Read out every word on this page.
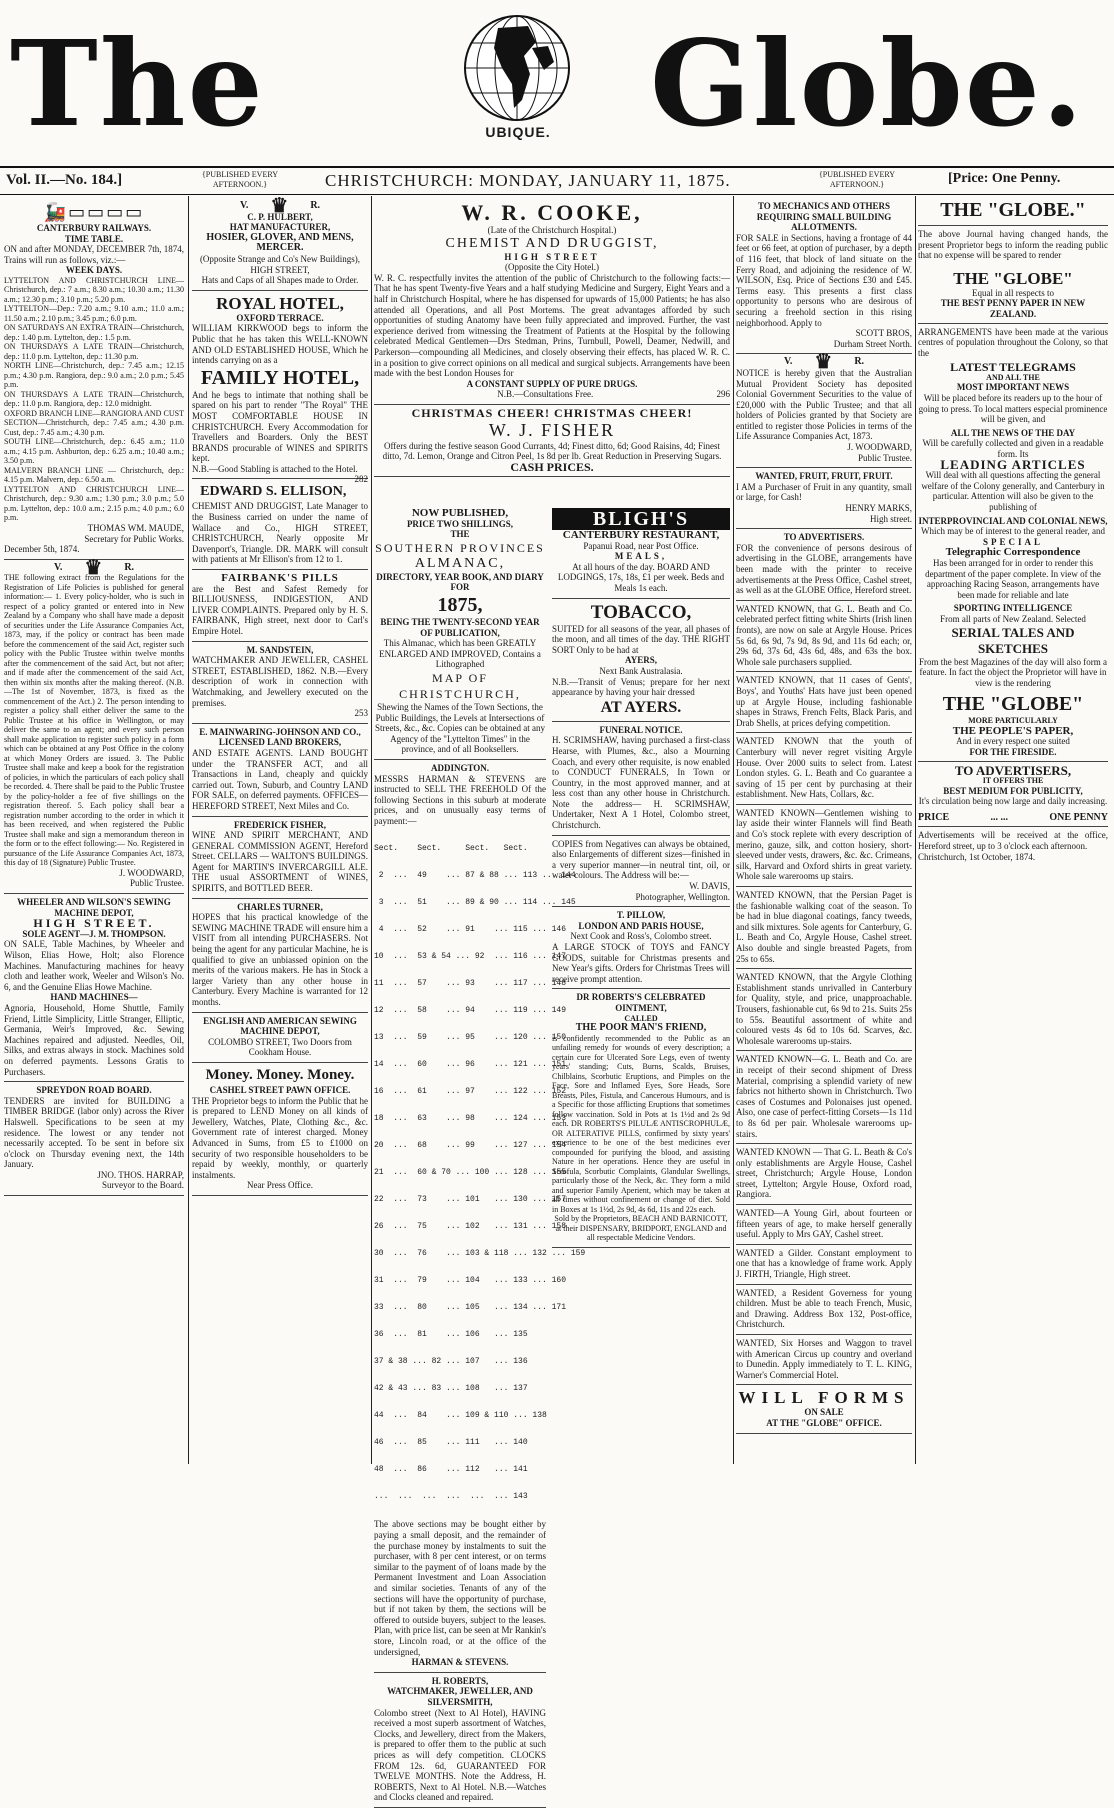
The	UBIQUE. Globe.
Vol. II.—No. 184.]	{PUBLISHED EVERY AFTERNOON.}	CHRISTCHURCH: MONDAY, JANUARY 11, 1875.	{PUBLISHED EVERY AFTERNOON.}	[Price: One Penny.
🚂▭▭▭▭
CANTERBURY RAILWAYS.
TIME TABLE.
ON and after MONDAY, DECEMBER 7th, 1874, Trains will run as follows, viz.:—
WEEK DAYS.
LYTTELTON AND CHRISTCHURCH LINE—Christchurch, dep.: 7 a.m.; 8.30 a.m.; 10.30 a.m.; 11.30 a.m.; 12.30 p.m.; 3.10 p.m.; 5.20 p.m.
LYTTELTON—Dep.: 7.20 a.m.; 9.10 a.m.; 11.0 a.m.; 11.50 a.m.; 2.10 p.m.; 3.45 p.m.; 6.0 p.m.
ON SATURDAYS AN EXTRA TRAIN—Christchurch, dep.: 1.40 p.m. Lyttelton, dep.: 1.5 p.m.
ON THURSDAYS A LATE TRAIN—Christchurch, dep.: 11.0 p.m. Lyttelton, dep.: 11.30 p.m.
NORTH LINE—Christchurch, dep.: 7.45 a.m.; 12.15 p.m.; 4.30 p.m. Rangiora, dep.: 9.0 a.m.; 2.0 p.m.; 5.45 p.m.
ON THURSDAYS A LATE TRAIN—Christchurch, dep.: 11.0 p.m. Rangiora, dep.: 12.0 midnight.
OXFORD BRANCH LINE—RANGIORA AND CUST SECTION—Christchurch, dep.: 7.45 a.m.; 4.30 p.m. Cust, dep.: 7.45 a.m.; 4.30 p.m.
SOUTH LINE—Christchurch, dep.: 6.45 a.m.; 11.0 a.m.; 4.15 p.m. Ashburton, dep.: 6.25 a.m.; 10.40 a.m.; 3.50 p.m.
MALVERN BRANCH LINE — Christchurch, dep.: 4.15 p.m. Malvern, dep.: 6.50 a.m.
LYTTELTON AND CHRISTCHURCH LINE—Christchurch, dep.: 9.30 a.m.; 1.30 p.m.; 3.0 p.m.; 5.0 p.m. Lyttelton, dep.: 10.0 a.m.; 2.15 p.m.; 4.0 p.m.; 6.0 p.m.
THOMAS WM. MAUDE,
Secretary for Public Works.
December 5th, 1874.
V. ♛ R.
THE following extract from the Regulations for the Registration of Life Policies is published for general information:— 1. Every policy-holder, who is such in respect of a policy granted or entered into in New Zealand by a Company who shall have made a deposit of securities under the Life Assurance Companies Act, 1873, may, if the policy or contract has been made before the commencement of the said Act, register such policy with the Public Trustee within twelve months after the commencement of the said Act, but not after; and if made after the commencement of the said Act, then within six months after the making thereof. (N.B.—The 1st of November, 1873, is fixed as the commencement of the Act.) 2. The person intending to register a policy shall either deliver the same to the Public Trustee at his office in Wellington, or may deliver the same to an agent; and every such person shall make application to register such policy in a form which can be obtained at any Post Office in the colony at which Money Orders are issued. 3. The Public Trustee shall make and keep a book for the registration of policies, in which the particulars of each policy shall be recorded. 4. There shall be paid to the Public Trustee by the policy-holder a fee of five shillings on the registration thereof. 5. Each policy shall bear a registration number according to the order in which it has been received, and when registered the Public Trustee shall make and sign a memorandum thereon in the form or to the effect following:— No. Registered in pursuance of the Life Assurance Companies Act, 1873, this day of 18 (Signature) Public Trustee.
J. WOODWARD,
Public Trustee.
WHEELER AND WILSON'S SEWING MACHINE DEPOT,
HIGH STREET.
SOLE AGENT—J. M. THOMPSON.
ON SALE, Table Machines, by Wheeler and Wilson, Elias Howe, Holt; also Florence Machines. Manufacturing machines for heavy cloth and leather work, Weeler and Wilson's No. 6, and the Genuine Elias Howe Machine.
HAND MACHINES—
Agnoria, Household, Home Shuttle, Family Friend, Little Simplicity, Little Stranger, Elliptic, Germania, Weir's Improved, &c. Sewing Machines repaired and adjusted. Needles, Oil, Silks, and extras always in stock. Machines sold on deferred payments. Lessons Gratis to Purchasers.
SPREYDON ROAD BOARD.
TENDERS are invited for BUILDING a TIMBER BRIDGE (labor only) across the River Halswell. Specifications to be seen at my residence. The lowest or any tender not necessarily accepted. To be sent in before six o'clock on Thursday evening next, the 14th January.
JNO. THOS. HARRAP,
Surveyor to the Board.
V. ♛ R.
C. P. HULBERT,
HAT MANUFACTURER,
HOSIER, GLOVER, AND MENS, MERCER.
(Opposite Strange and Co's New Buildings), HIGH STREET,
Hats and Caps of all Shapes made to Order.
ROYAL HOTEL,
OXFORD TERRACE.
WILLIAM KIRKWOOD begs to inform the Public that he has taken this WELL-KNOWN AND OLD ESTABLISHED HOUSE, Which he intends carrying on as a
FAMILY HOTEL,
And he begs to intimate that nothing shall be spared on his part to render "The Royal" THE MOST COMFORTABLE HOUSE IN CHRISTCHURCH. Every Accommodation for Travellers and Boarders. Only the BEST BRANDS procurable of WINES and SPIRITS kept.
N.B.—Good Stabling is attached to the Hotel.
282
EDWARD S. ELLISON,
CHEMIST AND DRUGGIST, Late Manager to the Business carried on under the name of Wallace and Co., HIGH STREET, CHRISTCHURCH, Nearly opposite Mr Davenport's, Triangle. DR. MARK will consult with patients at Mr Ellison's from 12 to 1.
FAIRBANK'S PILLS
are the Best and Safest Remedy for BILLIOUSNESS, INDIGESTION, AND LIVER COMPLAINTS. Prepared only by H. S. FAIRBANK, High street, next door to Carl's Empire Hotel.
M. SANDSTEIN,
WATCHMAKER AND JEWELLER, CASHEL STREET, ESTABLISHED, 1862. N.B.—Every description of work in connection with Watchmaking, and Jewellery executed on the premises.
253
E. MAINWARING-JOHNSON AND CO., LICENSED LAND BROKERS,
AND ESTATE AGENTS. LAND BOUGHT under the TRANSFER ACT, and all Transactions in Land, cheaply and quickly carried out. Town, Suburb, and Country LAND FOR SALE, on deferred payments. OFFICES—HEREFORD STREET, Next Miles and Co.
FREDERICK FISHER,
WINE AND SPIRIT MERCHANT, AND GENERAL COMMISSION AGENT, Hereford Street. CELLARS — WALTON'S BUILDINGS. Agent for MARTIN'S INVERCARGILL ALE. THE usual ASSORTMENT of WINES, SPIRITS, and BOTTLED BEER.
CHARLES TURNER,
HOPES that his practical knowledge of the SEWING MACHINE TRADE will ensure him a VISIT from all intending PURCHASERS. Not being the agent for any particular Machine, he is qualified to give an unbiassed opinion on the merits of the various makers. He has in Stock a larger Variety than any other house in Canterbury. Every Machine is warranted for 12 months.
ENGLISH AND AMERICAN SEWING MACHINE DEPOT,
COLOMBO STREET, Two Doors from Cookham House.
Money. Money. Money.
CASHEL STREET PAWN OFFICE.
THE Proprietor begs to inform the Public that he is prepared to LEND Money on all kinds of Jewellery, Watches, Plate, Clothing &c., &c. Government rate of interest charged. Money Advanced in Sums, from £5 to £1000 on security of two responsible householders to be repaid by weekly, monthly, or quarterly instalments.
Near Press Office.
W. R. COOKE,
(Late of the Christchurch Hospital.)
CHEMIST AND DRUGGIST,
HIGH STREET
(Opposite the City Hotel.)
W. R. C. respectfully invites the attention of the public of Christchurch to the following facts:—That he has spent Twenty-five Years and a half studying Medicine and Surgery, Eight Years and a half in Christchurch Hospital, where he has dispensed for upwards of 15,000 Patients; he has also attended all Operations, and all Post Mortems. The great advantages afforded by such opportunities of studing Anatomy have been fully appreciated and improved. Further, the vast experience derived from witnessing the Treatment of Patients at the Hospital by the following celebrated Medical Gentlemen—Drs Stedman, Prins, Turnbull, Powell, Deamer, Nedwill, and Parkerson—compounding all Medicines, and closely observing their effects, has placed W. R. C. in a position to give correct opinions on all medical and surgical subjects. Arrangements have been made with the best London Houses for
A CONSTANT SUPPLY OF PURE DRUGS.
N.B.—Consultations Free.	296
CHRISTMAS CHEER! CHRISTMAS CHEER!
W. J. FISHER
Offers during the festive season Good Currants, 4d; Finest ditto, 6d; Good Raisins, 4d; Finest ditto, 7d. Lemon, Orange and Citron Peel, 1s 8d per lb. Great Reduction in Preserving Sugars.
CASH PRICES.
NOW PUBLISHED,
PRICE TWO SHILLINGS,
THE
SOUTHERN PROVINCES
ALMANAC,
DIRECTORY, YEAR BOOK, AND DIARY
FOR
1875,
BEING THE TWENTY-SECOND YEAR OF PUBLICATION,
This Almanac, which has been GREATLY ENLARGED AND IMPROVED, Contains a Lithographed
MAP OF CHRISTCHURCH,
Shewing the Names of the Town Sections, the Public Buildings, the Levels at Intersections of Streets, &c., &c. Copies can be obtained at any Agency of the "Lyttelton Times" in the province, and of all Booksellers.
ADDINGTON.
MESSRS HARMAN & STEVENS are instructed to SELL THE FREEHOLD Of the following Sections in this suburb at moderate prices, and on unusually easy terms of payment:—

Sect.    Sect.     Sect.   Sect.

2  ...  49    ... 87 & 88 ... 113 ... 144

3  ...  51    ... 89 & 90 ... 114 ... 145

4  ...  52    ... 91    ... 115 ... 146

10  ...  53 & 54 ... 92  ... 116 ... 147

11  ...  57    ... 93    ... 117 ... 148

12  ...  58    ... 94    ... 119 ... 149

13  ...  59    ... 95    ... 120 ... 150

14  ...  60    ... 96    ... 121 ... 151

16  ...  61    ... 97    ... 122 ... 152

18  ...  63    ... 98    ... 124 ... 153

20  ...  68    ... 99    ... 127 ... 154

21  ...  60 & 70 ... 100 ... 128 ... 155

22  ...  73    ... 101   ... 130 ... 157

26  ...  75    ... 102   ... 131 ... 158

30  ...  76    ... 103 & 118 ... 132 ... 159

31  ...  79    ... 104   ... 133 ... 160

33  ...  80    ... 105   ... 134 ... 171

36  ...  81    ... 106   ... 135

37 & 38 ... 82 ... 107   ... 136

42 & 43 ... 83 ... 108   ... 137

44  ...  84    ... 109 & 110 ... 138

46  ...  85    ... 111   ... 140

48  ...  86    ... 112   ... 141

...  ...  ...  ...  ...  ... 143

The above sections may be bought either by paying a small deposit, and the remainder of the purchase money by instalments to suit the purchaser, with 8 per cent interest, or on terms similar to the payment of of loans made by the Permanent Investment and Loan Association and similar societies. Tenants of any of the sections will have the opportunity of purchase, but if not taken by them, the sections will be offered to outside buyers, subject to the leases. Plan, with price list, can be seen at Mr Rankin's store, Lincoln road, or at the office of the undersigned,
HARMAN & STEVENS.
H. ROBERTS,
WATCHMAKER, JEWELLER, AND SILVERSMITH,
Colombo street (Next to Al Hotel), HAVING received a most superb assortment of Watches, Clocks, and Jewellery, direct from the Makers, is prepared to offer them to the public at such prices as will defy competition. CLOCKS FROM 12s. 6d, GUARANTEED FOR TWELVE MONTHS. Note the Address, H. ROBERTS, Next to Al Hotel. N.B.—Watches and Clocks cleaned and repaired.
BLIGH'S
CANTERBURY RESTAURANT,
Papanui Road, near Post Office.
MEALS,
At all hours of the day. BOARD AND LODGINGS, 17s, 18s, £1 per week. Beds and Meals 1s each.
TOBACCO,
SUITED for all seasons of the year, all phases of the moon, and all times of the day. THE RIGHT SORT Only to be had at
AYERS,
Next Bank Australasia.
N.B.—Transit of Venus; prepare for her next appearance by having your hair dressed
AT AYERS.
FUNERAL NOTICE.
H. SCRIMSHAW, having purchased a first-class Hearse, with Plumes, &c., also a Mourning Coach, and every other requisite, is now enabled to CONDUCT FUNERALS, In Town or Country, in the most approved manner, and at less cost than any other house in Christchurch. Note the address— H. SCRIMSHAW, Undertaker, Next A 1 Hotel, Colombo street, Christchurch.
COPIES from Negatives can always be obtained, also Enlargements of different sizes—finished in a very superior manner—in neutral tint, oil, or water colours. The Address will be:—
W. DAVIS,
Photographer, Wellington.
T. PILLOW,
LONDON AND PARIS HOUSE,
Next Cook and Ross's, Colombo street.
A LARGE STOCK of TOYS and FANCY GOODS, suitable for Christmas presents and New Year's gifts. Orders for Christmas Trees will receive prompt attention.
DR ROBERTS'S CELEBRATED OINTMENT,
CALLED
THE POOR MAN'S FRIEND,
is confidently recommended to the Public as an unfailing remedy for wounds of every description; a certain cure for Ulcerated Sore Legs, even of twenty years' standing; Cuts, Burns, Scalds, Bruises, Chilblains, Scorbutic Eruptions, and Pimples on the Face, Sore and Inflamed Eyes, Sore Heads, Sore Breasts, Piles, Fistula, and Cancerous Humours, and is a Specific for those afflicting Eruptions that sometimes follow vaccination. Sold in Pots at 1s 1½d and 2s 9d each. DR ROBERTS'S PILULÆ ANTISCROPHULÆ, OR ALTERATIVE PILLS, confirmed by sixty years' experience to be one of the best medicines ever compounded for purifying the blood, and assisting Nature in her operations. Hence they are useful in Scrofula, Scorbutic Complaints, Glandular Swellings, particularly those of the Neck, &c. They form a mild and superior Family Aperient, which may be taken at all times without confinement or change of diet. Sold in Boxes at 1s 1½d, 2s 9d, 4s 6d, 11s and 22s each.
Sold by the Proprietors, BEACH AND BARNICOTT, at their DISPENSARY, BRIDPORT, ENGLAND and all respectable Medicine Vendors.
TO MECHANICS AND OTHERS REQUIRING SMALL BUILDING ALLOTMENTS.
FOR SALE in Sections, having a frontage of 44 feet or 66 feet, at option of purchaser, by a depth of 116 feet, that block of land situate on the Ferry Road, and adjoining the residence of W. WILSON, Esq. Price of Sections £30 and £45. Terms easy. This presents a first class opportunity to persons who are desirous of securing a freehold section in this rising neighborhood. Apply to
SCOTT BROS,
Durham Street North.
V. ♛ R.
NOTICE is hereby given that the Australian Mutual Provident Society has deposited Colonial Government Securities to the value of £20,000 with the Public Trustee; and that all holders of Policies granted by that Society are entitled to register those Policies in terms of the Life Assurance Companies Act, 1873.
J. WOODWARD,
Public Trustee.
WANTED, FRUIT, FRUIT, FRUIT.
I AM a Purchaser of Fruit in any quantity, small or large, for Cash!
HENRY MARKS,
High street.
TO ADVERTISERS.
FOR the convenience of persons desirous of advertising in the GLOBE, arrangements have been made with the printer to receive advertisements at the Press Office, Cashel street, as well as at the GLOBE Office, Hereford street.
WANTED KNOWN, that G. L. Beath and Co. celebrated perfect fitting white Shirts (Irish linen fronts), are now on sale at Argyle House. Prices 5s 6d, 6s 9d, 7s 9d, 8s 9d, and 11s 6d each; or, 29s 6d, 37s 6d, 43s 6d, 48s, and 63s the box. Whole sale purchasers supplied.
WANTED KNOWN, that 11 cases of Gents', Boys', and Youths' Hats have just been opened up at Argyle House, including fashionable shapes in Straws, French Felts, Black Paris, and Drab Shells, at prices defying competition.
WANTED KNOWN that the youth of Canterbury will never regret visiting Argyle House. Over 2000 suits to select from. Latest London styles. G. L. Beath and Co guarantee a saving of 15 per cent by purchasing at their establishment. New Hats, Collars, &c.
WANTED KNOWN—Gentlemen wishing to lay aside their winter Flannels will find Beath and Co's stock replete with every description of merino, gauze, silk, and cotton hosiery, short-sleeved under vests, drawers, &c. &c. Crimeans, silk, Harvard and Oxford shirts in great variety. Whole sale warerooms up stairs.
WANTED KNOWN, that the Persian Paget is the fashionable walking coat of the season. To be had in blue diagonal coatings, fancy tweeds, and silk mixtures. Sole agents for Canterbury, G. L. Beath and Co, Argyle House, Cashel street. Also double and single breasted Pagets, from 25s to 65s.
WANTED KNOWN, that the Argyle Clothing Establishment stands unrivalled in Canterbury for Quality, style, and price, unapproachable. Trousers, fashionable cut, 6s 9d to 21s. Suits 25s to 55s. Beautiful assortment of white and coloured vests 4s 6d to 10s 6d. Scarves, &c. Wholesale warerooms up-stairs.
WANTED KNOWN—G. L. Beath and Co. are in receipt of their second shipment of Dress Material, comprising a splendid variety of new fabrics not hitherto shown in Christchurch. Two cases of Costumes and Polonaises just opened. Also, one case of perfect-fitting Corsets—1s 11d to 8s 6d per pair. Wholesale warerooms up-stairs.
WANTED KNOWN — That G. L. Beath & Co's only establishments are Argyle House, Cashel street, Christchurch; Argyle House, London street, Lyttelton; Argyle House, Oxford road, Rangiora.
WANTED—A Young Girl, about fourteen or fifteen years of age, to make herself generally useful. Apply to Mrs GAY, Cashel street.
WANTED a Gilder. Constant employment to one that has a knowledge of frame work. Apply J. FIRTH, Triangle, High street.
WANTED, a Resident Governess for young children. Must be able to teach French, Music, and Drawing. Address Box 132, Post-office, Christchurch.
WANTED, Six Horses and Waggon to travel with American Circus up country and overland to Dunedin. Apply immediately to T. L. KING, Warner's Commercial Hotel.
WILL FORMS
ON SALE
AT THE "GLOBE" OFFICE.
THE "GLOBE."
The above Journal having changed hands, the present Proprietor begs to inform the reading public that no expense will be spared to render
THE "GLOBE"
Equal in all respects to
THE BEST PENNY PAPER IN NEW ZEALAND.
ARRANGEMENTS have been made at the various centres of population throughout the Colony, so that the
LATEST TELEGRAMS
AND ALL THE
MOST IMPORTANT NEWS
Will be placed before its readers up to the hour of going to press. To local matters especial prominence will be given, and
ALL THE NEWS OF THE DAY
Will be carefully collected and given in a readable form. Its
LEADING ARTICLES
Will deal with all questions affecting the general welfare of the Colony generally, and Canterbury in particular. Attention will also be given to the publishing of
INTERPROVINCIAL AND COLONIAL NEWS,
Which may be of interest to the general reader, and
SPECIAL
Telegraphic Correspondence
Has been arranged for in order to render this department of the paper complete. In view of the approaching Racing Season, arrangements have been made for reliable and late
SPORTING INTELLIGENCE
From all parts of New Zealand. Selected
SERIAL TALES AND SKETCHES
From the best Magazines of the day will also form a feature. In fact the object the Proprietor will have in view is the rendering
THE "GLOBE"
MORE PARTICULARLY
THE PEOPLE'S PAPER,
And in every respect one suited
FOR THE FIRESIDE.
TO ADVERTISERS,
IT OFFERS THE
BEST MEDIUM FOR PUBLICITY,
It's circulation being now large and daily increasing.
PRICE	... ...	ONE PENNY
Advertisements will be received at the office, Hereford street, up to 3 o'clock each afternoon.
Christchurch, 1st October, 1874.
